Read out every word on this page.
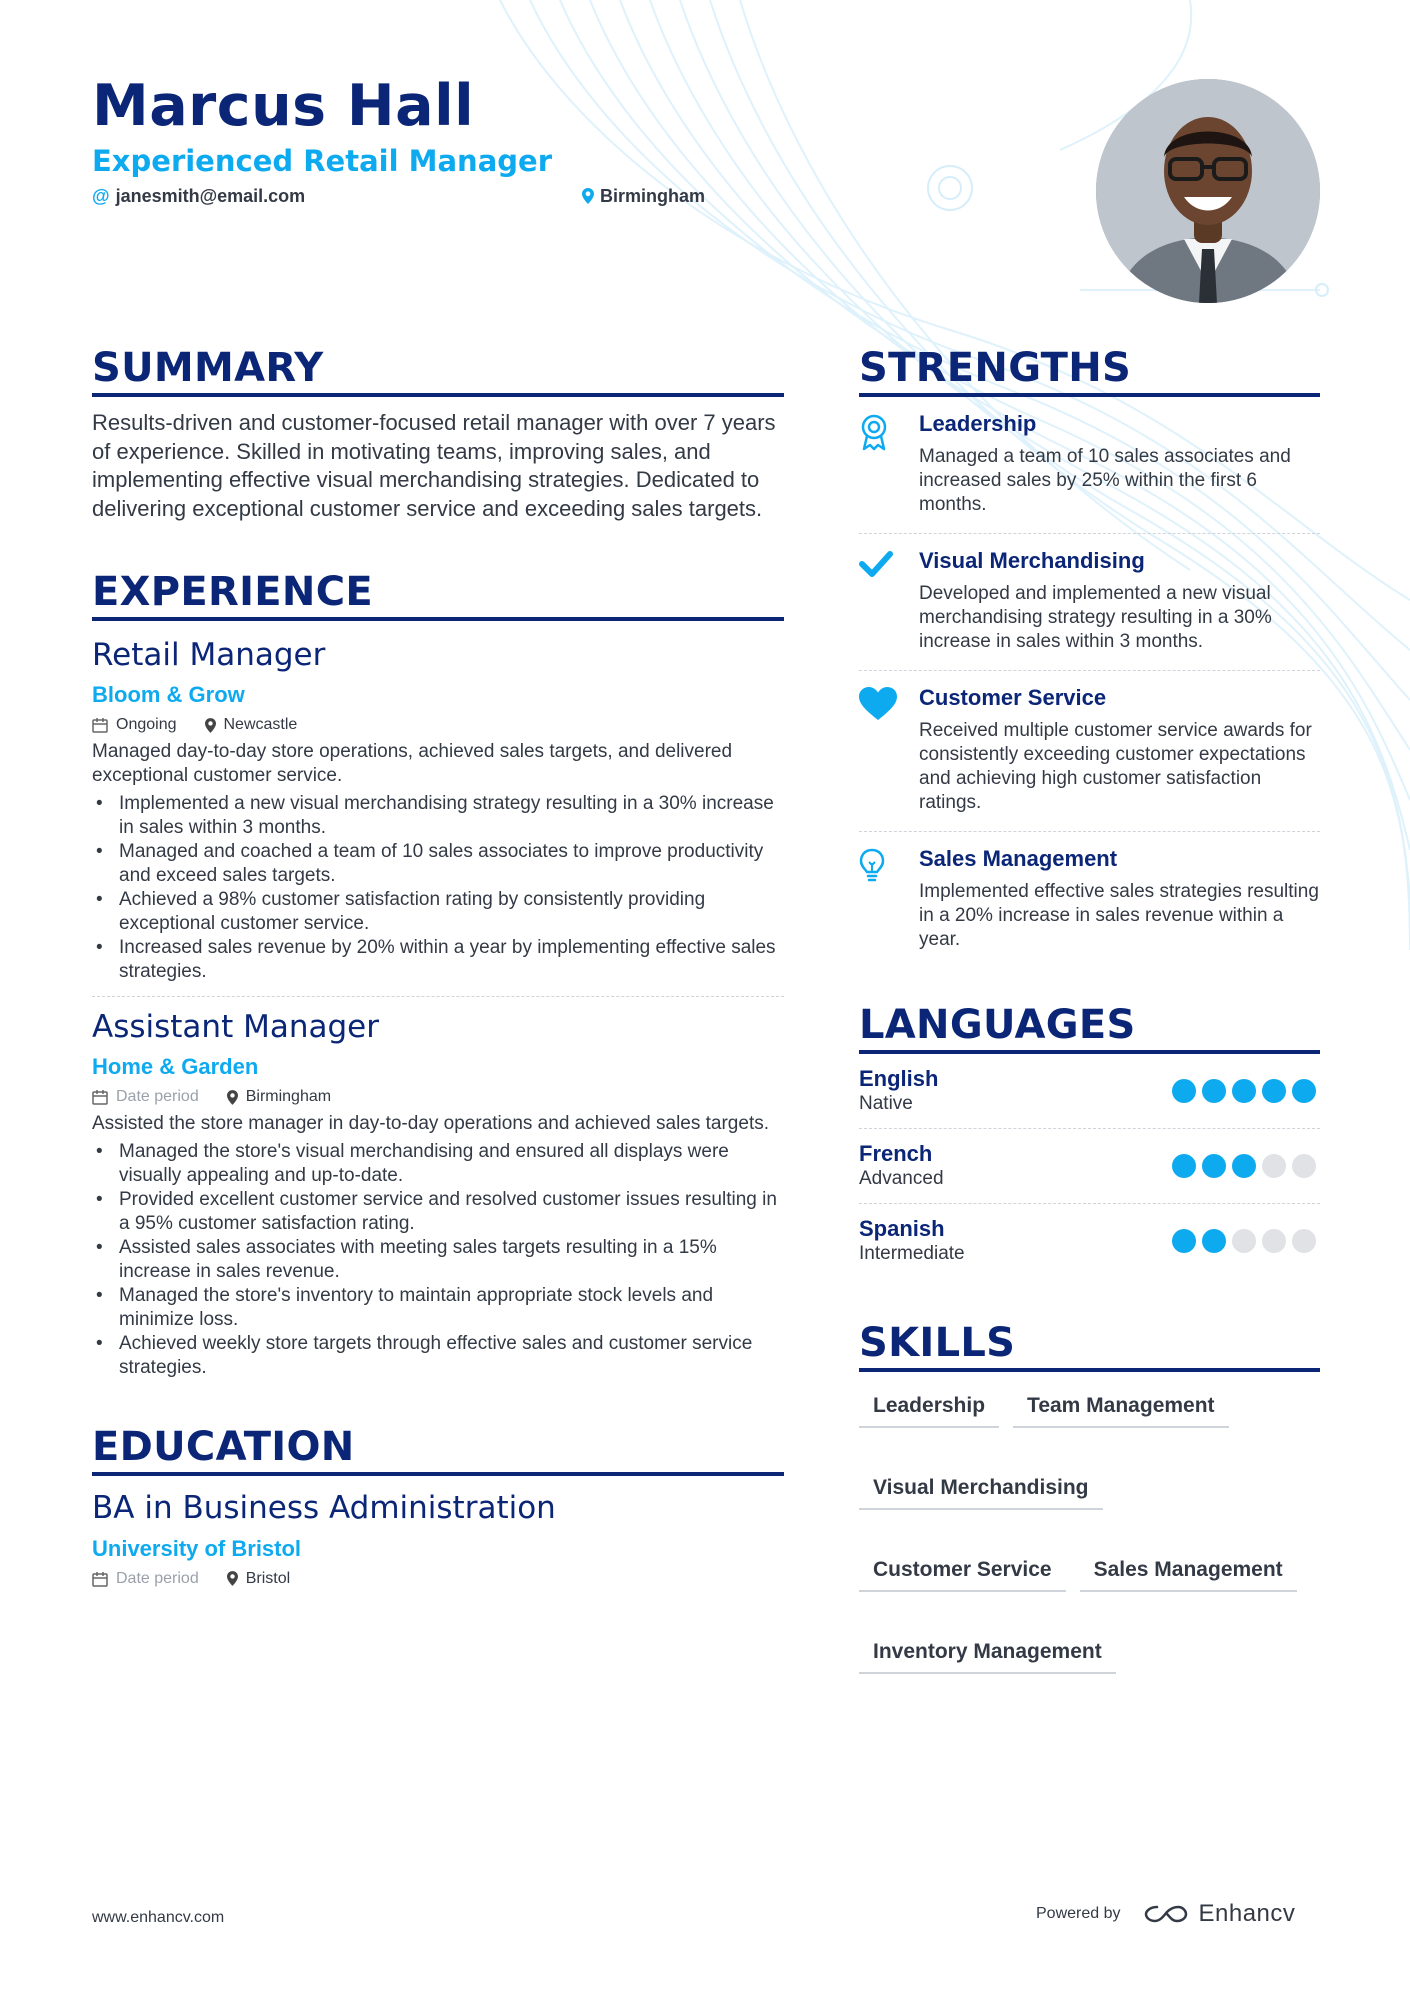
Marcus Hall
Experienced Retail Manager
@ janesmith@email.com	Birmingham
SUMMARY

Results-driven and customer-focused retail manager with over 7 years of experience. Skilled in motivating teams, improving sales, and implementing effective visual merchandising strategies. Dedicated to delivering exceptional customer service and exceeding sales targets.

EXPERIENCE
Retail Manager
Bloom & Grow
Ongoing	Newcastle

Managed day-to-day store operations, achieved sales targets, and delivered exceptional customer service.

• Implemented a new visual merchandising strategy resulting in a 30% increase in sales within 3 months.
• Managed and coached a team of 10 sales associates to improve productivity and exceed sales targets.
• Achieved a 98% customer satisfaction rating by consistently providing exceptional customer service.
• Increased sales revenue by 20% within a year by implementing effective sales strategies.
Assistant Manager
Home & Garden
Date period	Birmingham

Assisted the store manager in day-to-day operations and achieved sales targets.

• Managed the store's visual merchandising and ensured all displays were visually appealing and up-to-date.
• Provided excellent customer service and resolved customer issues resulting in a 95% customer satisfaction rating.
• Assisted sales associates with meeting sales targets resulting in a 15% increase in sales revenue.
• Managed the store's inventory to maintain appropriate stock levels and minimize loss.
• Achieved weekly store targets through effective sales and customer service strategies.
EDUCATION
BA in Business Administration
University of Bristol
Date period	Bristol
STRENGTHS
Leadership
Managed a team of 10 sales associates and increased sales by 25% within the first 6 months.
Visual Merchandising
Developed and implemented a new visual merchandising strategy resulting in a 30% increase in sales within 3 months.
Customer Service
Received multiple customer service awards for consistently exceeding customer expectations and achieving high customer satisfaction ratings.
Sales Management
Implemented effective sales strategies resulting in a 20% increase in sales revenue within a year.
LANGUAGES
English
Native
French
Advanced
Spanish
Intermediate
SKILLS
Leadership	Team Management
Visual Merchandising
Customer Service	Sales Management
Inventory Management
www.enhancv.com	Powered by	Enhancv
